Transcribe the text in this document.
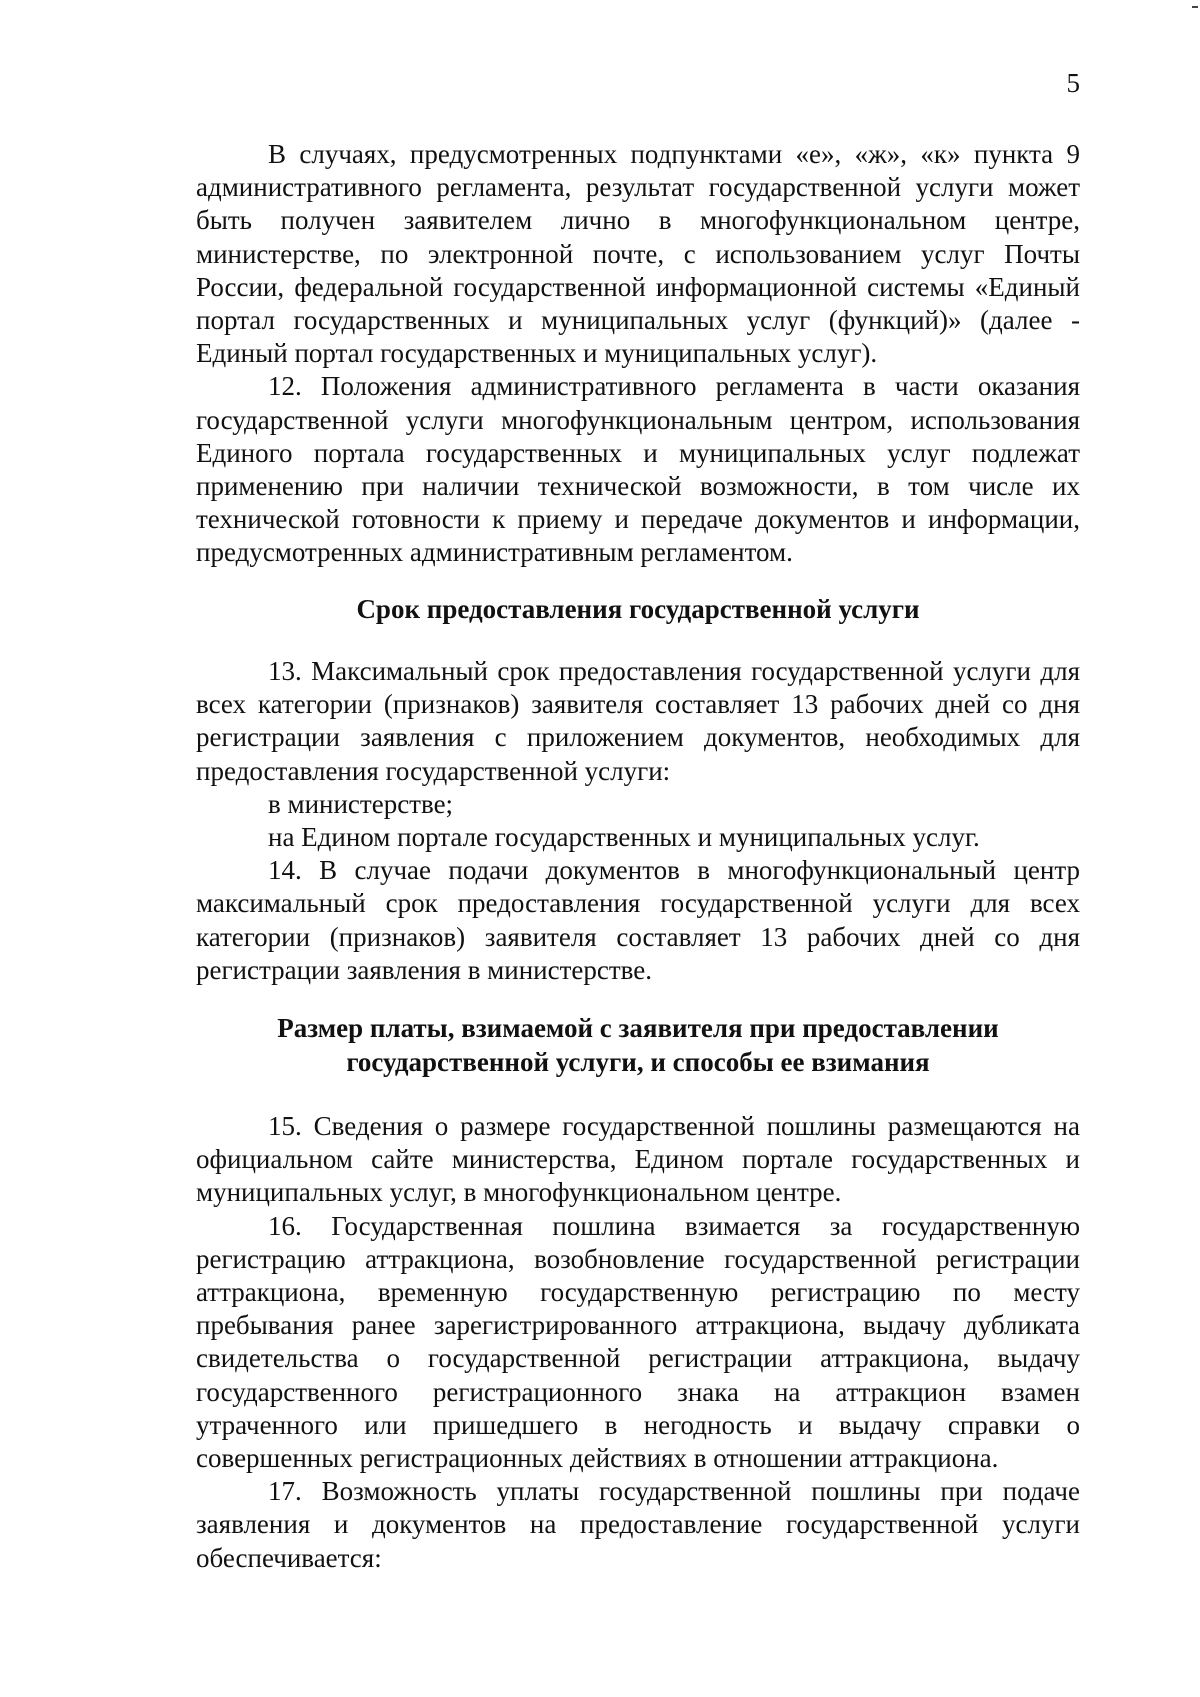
5

В случаях, предусмотренных подпунктами «е», «ж», «к» пункта 9 административного регламента, результат государственной услуги может быть получен заявителем лично в многофункциональном центре, министерстве, по электронной почте, с использованием услуг Почты России, федеральной государственной информационной системы «Единый портал государственных и муниципальных услуг (функций)» (далее - Единый портал государственных и муниципальных услуг).

12. Положения административного регламента в части оказания государственной услуги многофункциональным центром, использования Единого портала государственных и муниципальных услуг подлежат применению при наличии технической возможности, в том числе их технической готовности к приему и передаче документов и информации, предусмотренных административным регламентом.

Срок предоставления государственной услуги

13. Максимальный срок предоставления государственной услуги для всех категории (признаков) заявителя составляет 13 рабочих дней со дня регистрации заявления с приложением документов, необходимых для предоставления государственной услуги:

в министерстве;

на Едином портале государственных и муниципальных услуг.

14. В случае подачи документов в многофункциональный центр максимальный срок предоставления государственной услуги для всех категории (признаков) заявителя составляет 13 рабочих дней со дня регистрации заявления в министерстве.

Размер платы, взимаемой с заявителя при предоставлении
государственной услуги, и способы ее взимания

15. Сведения о размере государственной пошлины размещаются на официальном сайте министерства, Едином портале государственных и муниципальных услуг, в многофункциональном центре.

16. Государственная пошлина взимается за государственную регистрацию аттракциона, возобновление государственной регистрации аттракциона, временную государственную регистрацию по месту пребывания ранее зарегистрированного аттракциона, выдачу дубликата свидетельства о государственной регистрации аттракциона, выдачу государственного регистрационного знака на аттракцион взамен утраченного или пришедшего в негодность и выдачу справки о совершенных регистрационных действиях в отношении аттракциона.

17. Возможность уплаты государственной пошлины при подаче заявления и документов на предоставление государственной услуги обеспечивается:
